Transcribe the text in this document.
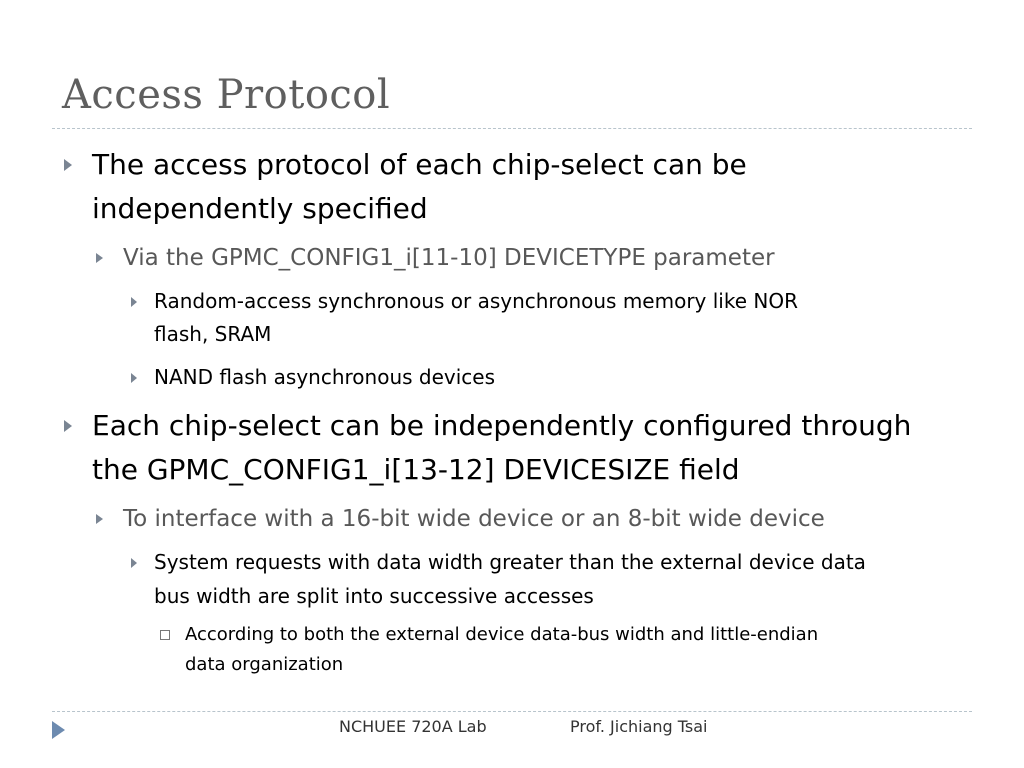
Access Protocol
The access protocol of each chip-select can be
independently specified
Via the GPMC_CONFIG1_i[11-10] DEVICETYPE parameter
Random-access synchronous or asynchronous memory like NOR
flash, SRAM
NAND flash asynchronous devices
Each chip-select can be independently configured through
the GPMC_CONFIG1_i[13-12] DEVICESIZE field
To interface with a 16-bit wide device or an 8-bit wide device
System requests with data width greater than the external device data
bus width are split into successive accesses
According to both the external device data-bus width and little-endian
data organization
NCHUEE 720A Lab	Prof. Jichiang Tsai
